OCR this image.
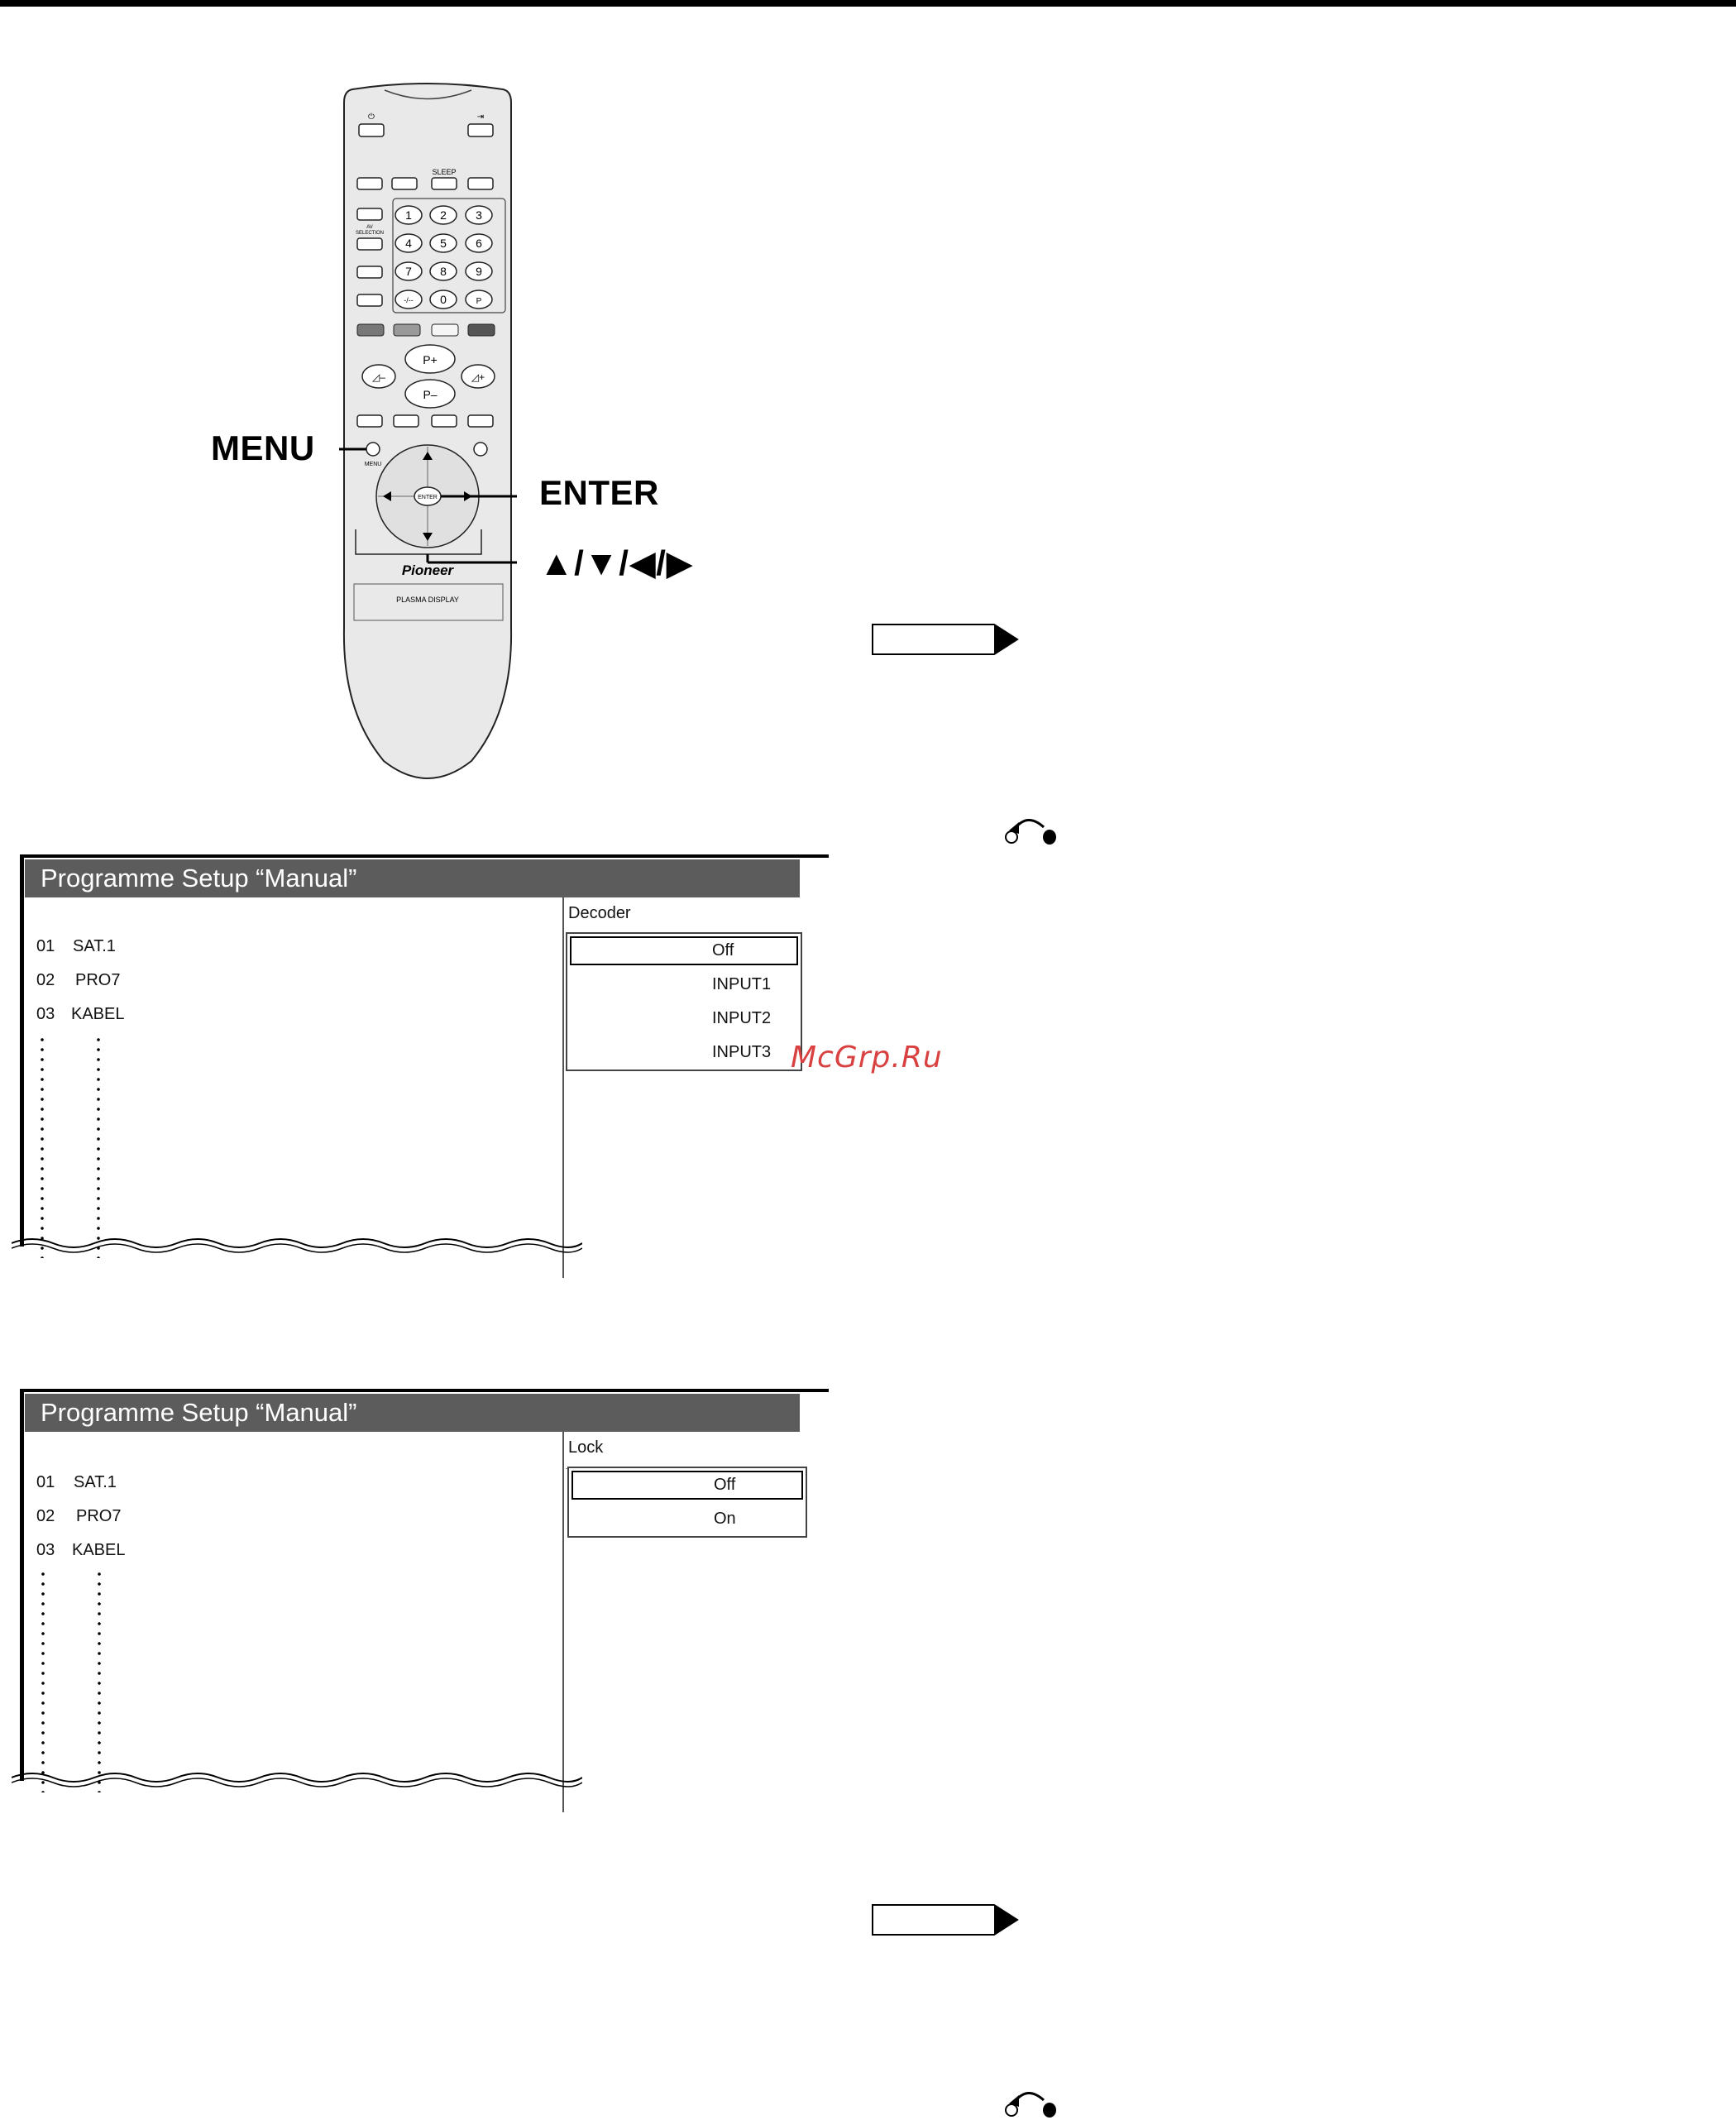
⏻	⇥
SLEEP
AV
SELECTION
1 2	3
4 5	6
7 8	9
-/-- 0	P
P+
P–
◿–	◿+
MENU
ENTER
Pioneer
PLASMA DISPLAY
MENU
ENTER
▲/▼/◀/▶
Programme Setup “Manual”
Decoder
01 SAT.1
02 PRO7
03 KABEL
Off
INPUT1
INPUT2
INPUT3
Programme Setup “Manual”
Lock
01 SAT.1
02 PRO7
03 KABEL
Off
On
McGrp.Ru
